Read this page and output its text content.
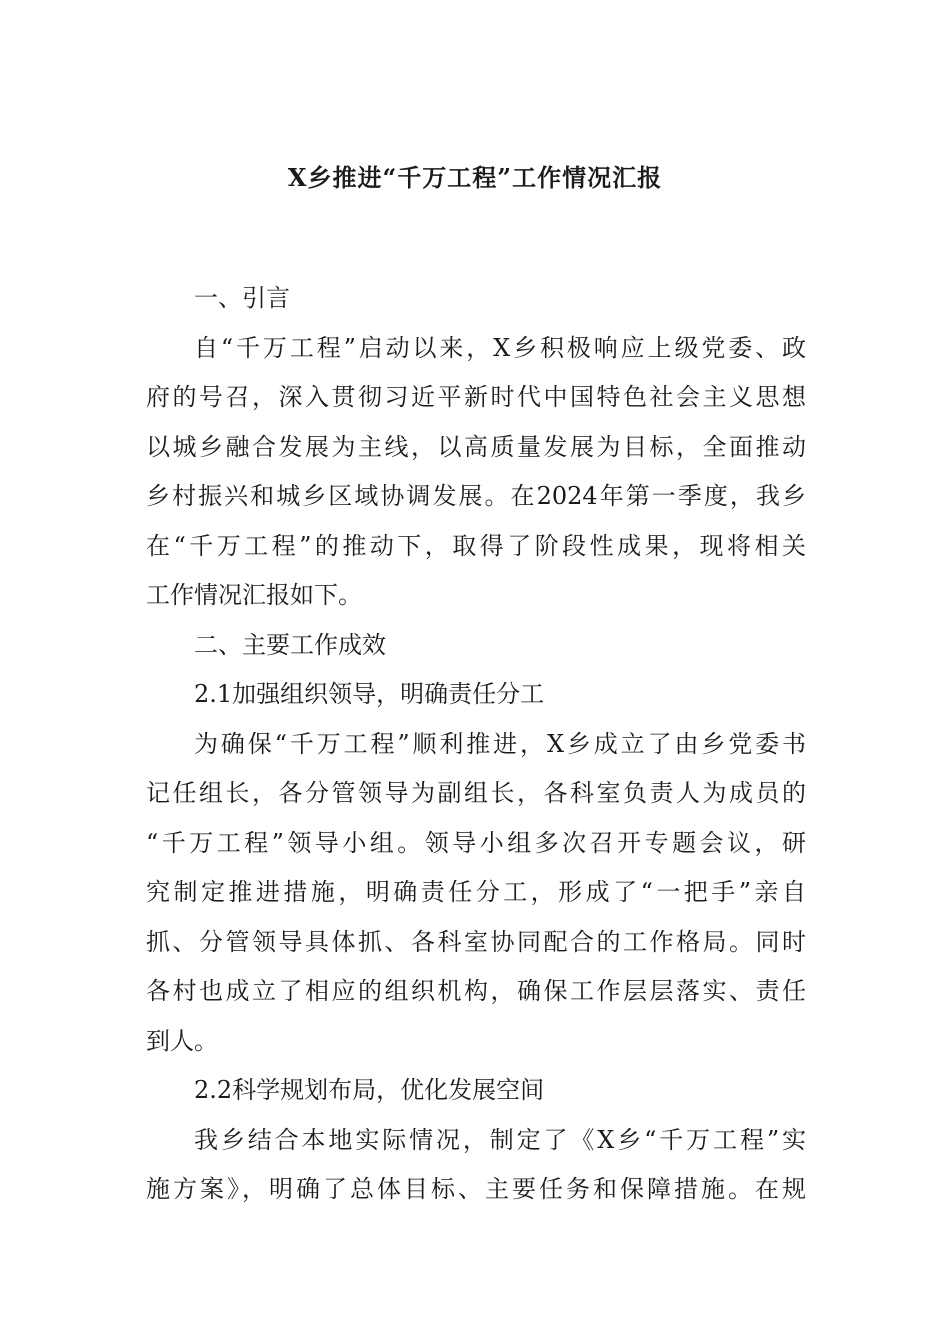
X乡推进“千万工程”工作情况汇报
一、引言
自“千万工程”启动以来，X乡积极响应上级党委、政
府的号召，深入贯彻习近平新时代中国特色社会主义思想
以城乡融合发展为主线，以高质量发展为目标，全面推动
乡村振兴和城乡区域协调发展。在2024年第一季度，我乡
在“千万工程”的推动下，取得了阶段性成果，现将相关
工作情况汇报如下。
二、主要工作成效
2.1加强组织领导，明确责任分工
为确保“千万工程”顺利推进，X乡成立了由乡党委书
记任组长，各分管领导为副组长，各科室负责人为成员的
“千万工程”领导小组。领导小组多次召开专题会议，研
究制定推进措施，明确责任分工，形成了“一把手”亲自
抓、分管领导具体抓、各科室协同配合的工作格局。同时
各村也成立了相应的组织机构，确保工作层层落实、责任
到人。
2.2科学规划布局，优化发展空间
我乡结合本地实际情况，制定了《X乡“千万工程”实
施方案》，明确了总体目标、主要任务和保障措施。在规
